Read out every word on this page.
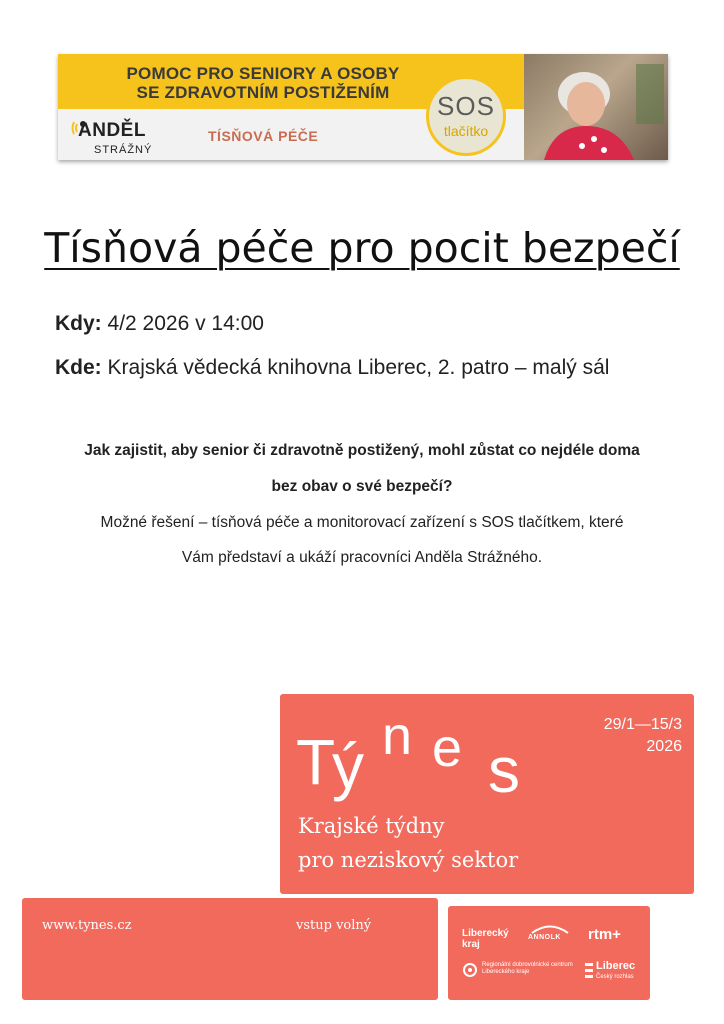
POMOC PRO SENIORY A OSOBY
SE ZDRAVOTNÍM POSTIŽENÍM
ANDĚL
STRÁŽNÝ
TÍSŇOVÁ PÉČE
SOS
tlačítko
Tísňová péče pro pocit bezpečí
Kdy: 4/2 2026 v 14:00
Kde: Krajská vědecká knihovna Liberec, 2. patro – malý sál
Jak zajistit, aby senior či zdravotně postižený, mohl zůstat co nejdéle doma
bez obav o své bezpečí?
Možné řešení – tísňová péče a monitorovací zařízení s SOS tlačítkem, které
Vám představí a ukáží pracovníci Anděla Strážného.
T
ý n e s
29/1—15/3
2026
Krajské týdny
pro neziskový sektor
www.tynes.cz	vstup volný
Liberecký
kraj
ANNOLK rtm+
Regionální dobrovolnické centrum
Libereckého kraje	Liberec
Český rozhlas
